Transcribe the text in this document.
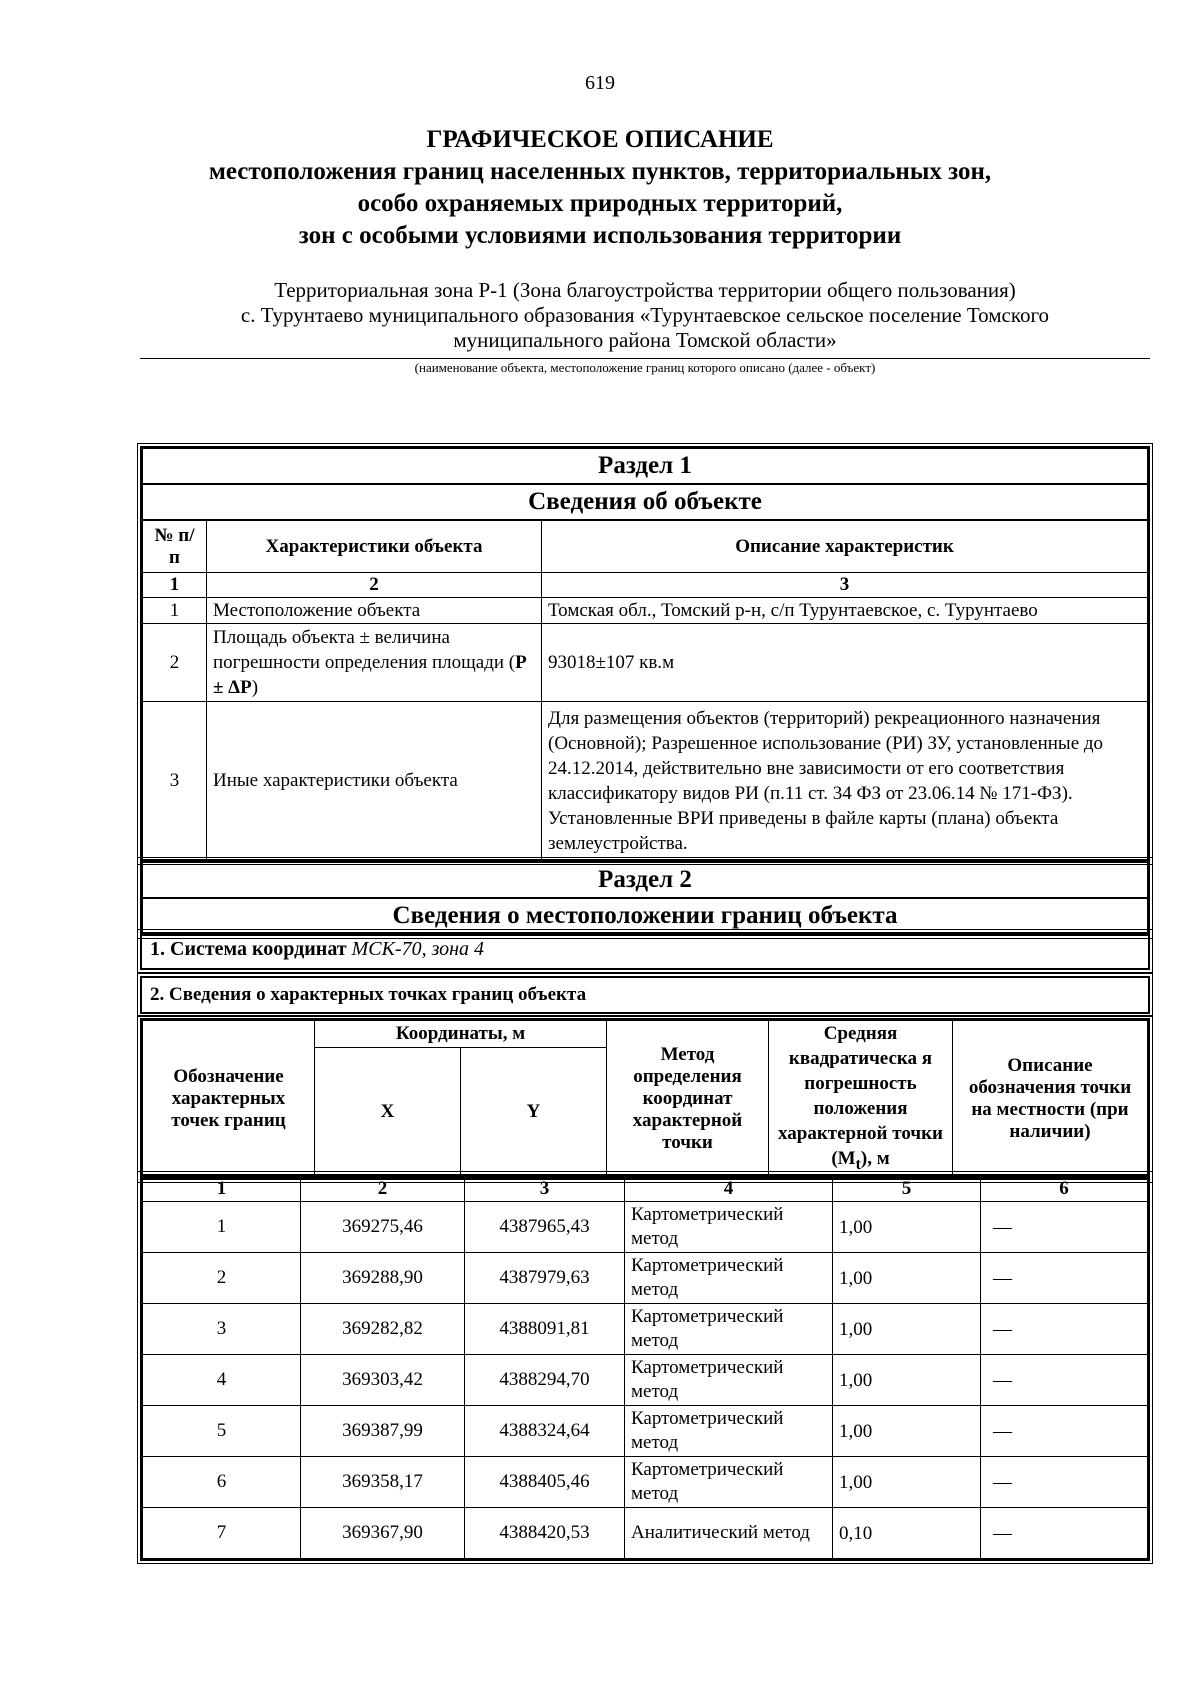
619
ГРАФИЧЕСКОЕ ОПИСАНИЕ
местоположения границ населенных пунктов, территориальных зон,
особо охраняемых природных территорий,
зон с особыми условиями использования территории
Территориальная зона Р-1 (Зона благоустройства территории общего пользования)
с. Турунтаево муниципального образования «Турунтаевское сельское поселение Томского
муниципального района Томской области»
(наименование объекта, местоположение границ которого описано (далее - объект)
Раздел 1
Сведения об объекте
№ п/п	Характеристики объекта	Описание характеристик
1	2	3
1	Местоположение объекта	Томская обл., Томский р-н, с/п Турунтаевское, с. Турунтаево
2	Площадь объекта ± величина погрешности определения площади (Р ± ΔР)	93018±107 кв.м
3	Иные характеристики объекта	Для размещения объектов (территорий) рекреационного назначения (Основной); Разрешенное использование (РИ) ЗУ, установленные до 24.12.2014, действительно вне зависимости от его соответствия классификатору видов РИ (п.11 ст. 34 ФЗ от 23.06.14 № 171-ФЗ). Установленные ВРИ приведены в файле карты (плана) объекта землеустройства.
Раздел 2
Сведения о местоположении границ объекта
1. Система координат МСК-70, зона 4
2. Сведения о характерных точках границ объекта
Обозначение характерных точек границ	Координаты, м		Метод определения координат характерной точки	Средняя квадратическа я погрешность положения характерной точки $(M_t)$, м	Описание обозначения точки на местности (при наличии)
	X	Y			
1	2	3	4	5	6
1	369275,46	4387965,43	Картометрический метод	1,00	—
2	369288,90	4387979,63	Картометрический метод	1,00	—
3	369282,82	4388091,81	Картометрический метод	1,00	—
4	369303,42	4388294,70	Картометрический метод	1,00	—
5	369387,99	4388324,64	Картометрический метод	1,00	—
6	369358,17	4388405,46	Картометрический метод	1,00	—
7	369367,90	4388420,53	Аналитический метод	0,10	—
